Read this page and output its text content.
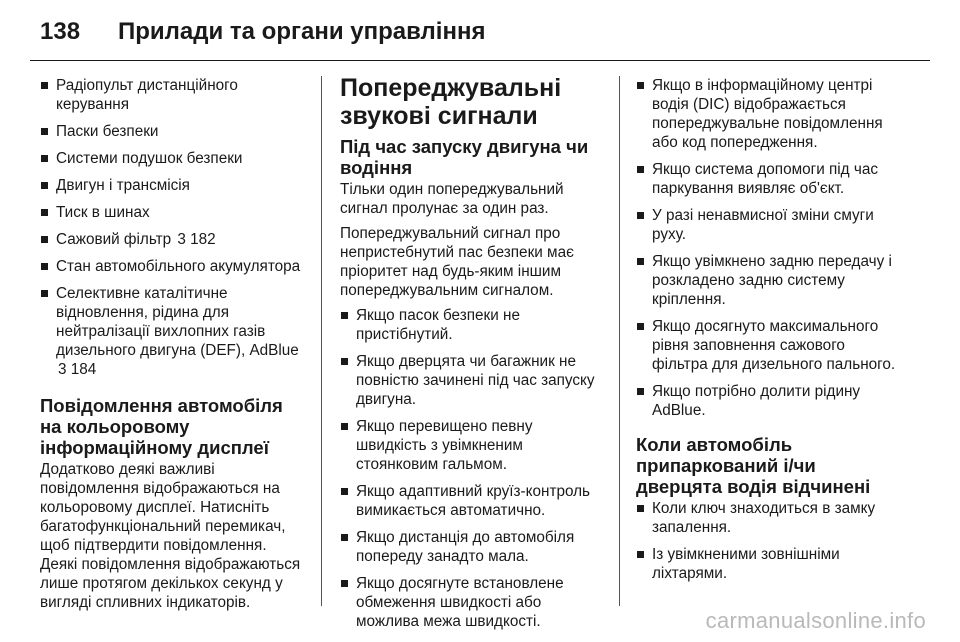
138 Прилади та органи управління
Радіопульт дистанційного керування
Паски безпеки
Системи подушок безпеки
Двигун і трансмісія
Тиск в шинах
Сажовий фільтр 3 182
Стан автомобільного акумулятора
Селективне каталітичне відновлення, рідина для нейтралізації вихлопних газів дизельного двигуна (DEF), AdBlue 3 184
Повідомлення автомобіля на кольоровому інформаційному дисплеї

Додатково деякі важливі повідомлення відображаються на кольоровому дисплеї. Натисніть багатофункціональний перемикач, щоб підтвердити повідомлення. Деякі повідомлення відображаються лише протягом декількох секунд у вигляді спливних індикаторів.

Попереджувальні звукові сигнали
Під час запуску двигуна чи водіння

Тільки один попереджувальний сигнал пролунає за один раз.

Попереджувальний сигнал про непристебнутий пас безпеки має пріоритет над будь-яким іншим попереджувальним сигналом.

Якщо пасок безпеки не пристібнутий.
Якщо дверцята чи багажник не повністю зачинені під час запуску двигуна.
Якщо перевищено певну швидкість з увімкненим стоянковим гальмом.
Якщо адаптивний круїз-контроль вимикається автоматично.
Якщо дистанція до автомобіля попереду занадто мала.
Якщо досягнуте встановлене обмеження швидкості або можлива межа швидкості.
Якщо в інформаційному центрі водія (DIC) відображається попереджувальне повідомлення або код попередження.
Якщо система допомоги під час паркування виявляє об'єкт.
У разі ненавмисної зміни смуги руху.
Якщо увімкнено задню передачу і розкладено задню систему кріплення.
Якщо досягнуто максимального рівня заповнення сажового фільтра для дизельного пального.
Якщо потрібно долити рідину AdBlue.
Коли автомобіль припаркований і/чи дверцята водія відчинені
Коли ключ знаходиться в замку запалення.
Із увімкненими зовнішніми ліхтарями.
carmanualsonline.info
